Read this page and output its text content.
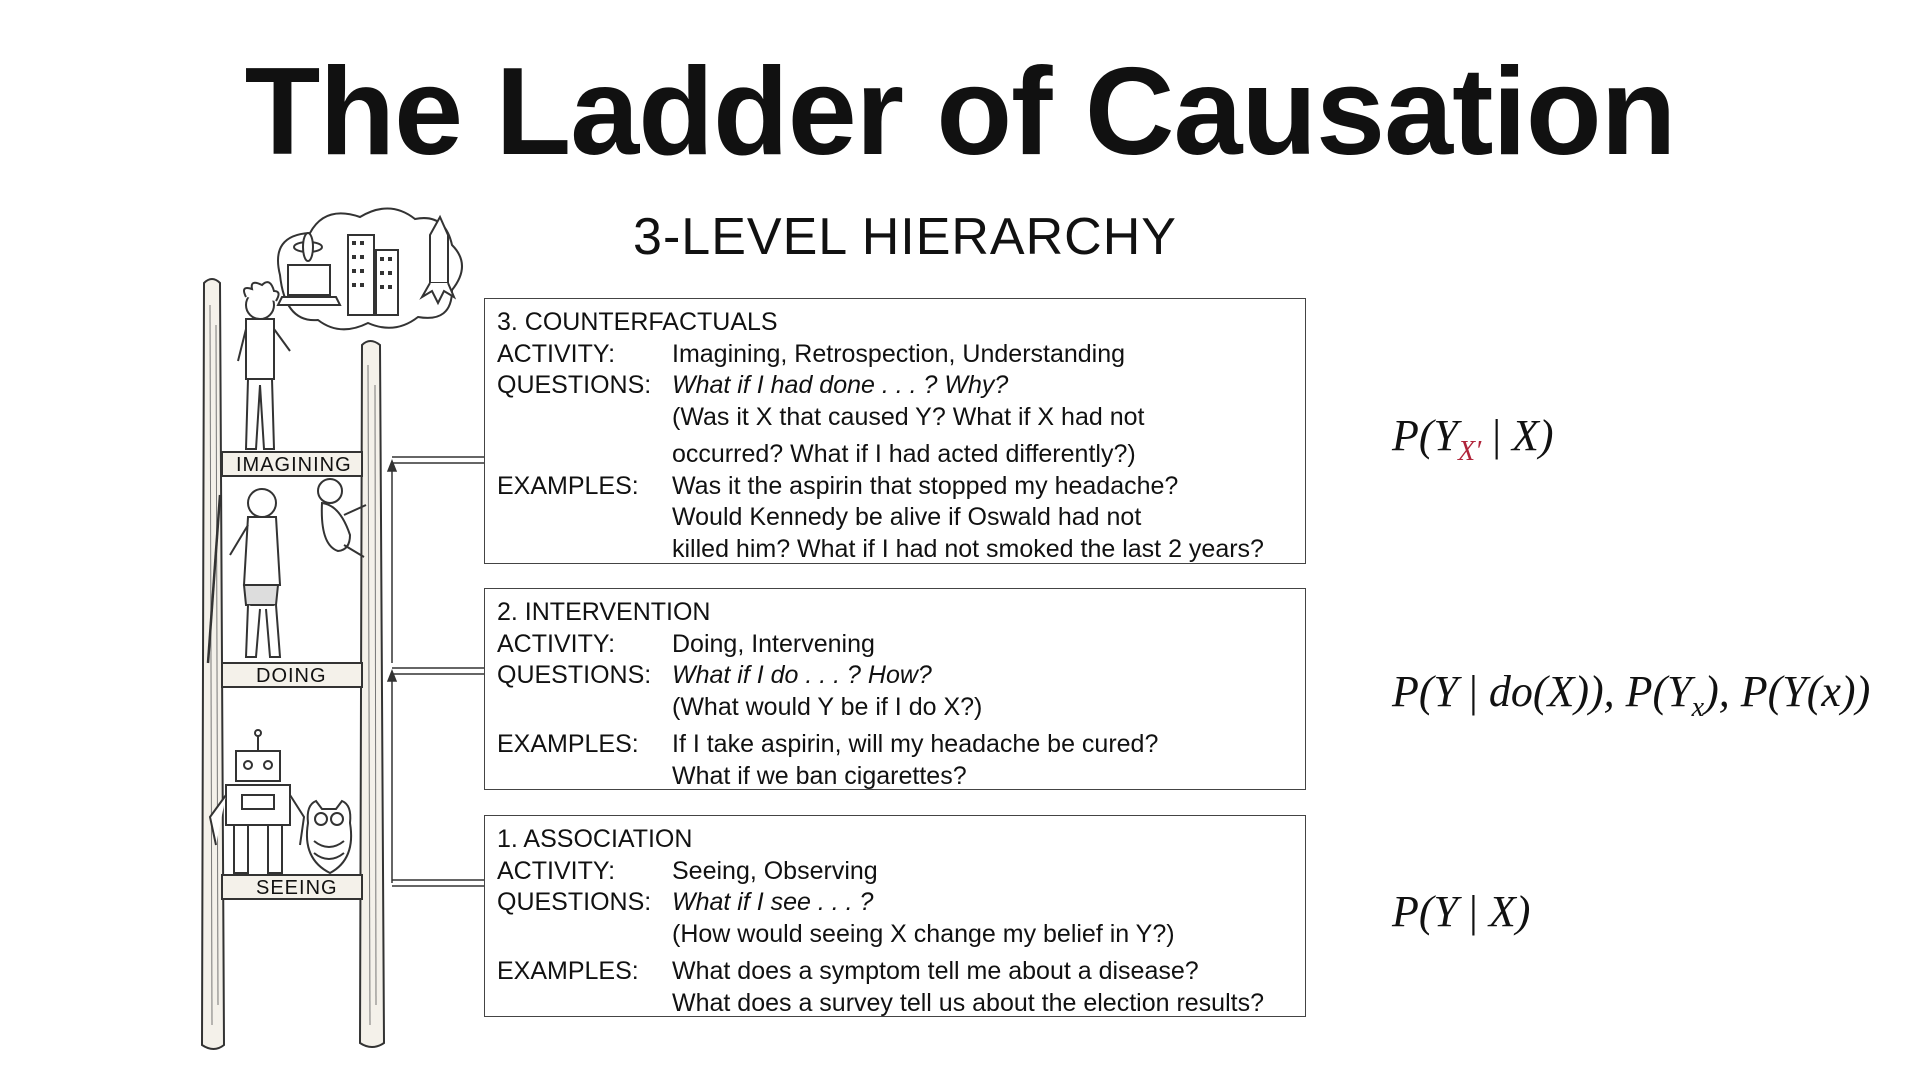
The Ladder of Causation
3-LEVEL HIERARCHY
IMAGINING
DOING
SEEING
3. COUNTERFACTUALS
ACTIVITY:	Imagining, Retrospection, Understanding
QUESTIONS: What if I had done . . . ? Why?
(Was it X that caused Y? What if X had not
occurred? What if I had acted differently?)
EXAMPLES:	Was it the aspirin that stopped my headache?
Would Kennedy be alive if Oswald had not
killed him? What if I had not smoked the last 2 years?
2. INTERVENTION
ACTIVITY:	Doing, Intervening
QUESTIONS: What if I do . . . ? How?
(What would Y be if I do X?)
EXAMPLES:	If I take aspirin, will my headache be cured?
What if we ban cigarettes?
1. ASSOCIATION
ACTIVITY:	Seeing, Observing
QUESTIONS: What if I see . . . ?
(How would seeing X change my belief in Y?)
EXAMPLES:	What does a symptom tell me about a disease?
What does a survey tell us about the election results?
$P(Y_{X'}$ | X)
P(Y | do(X)), $P(Y_x)$, P(Y(x))
P(Y | X)
